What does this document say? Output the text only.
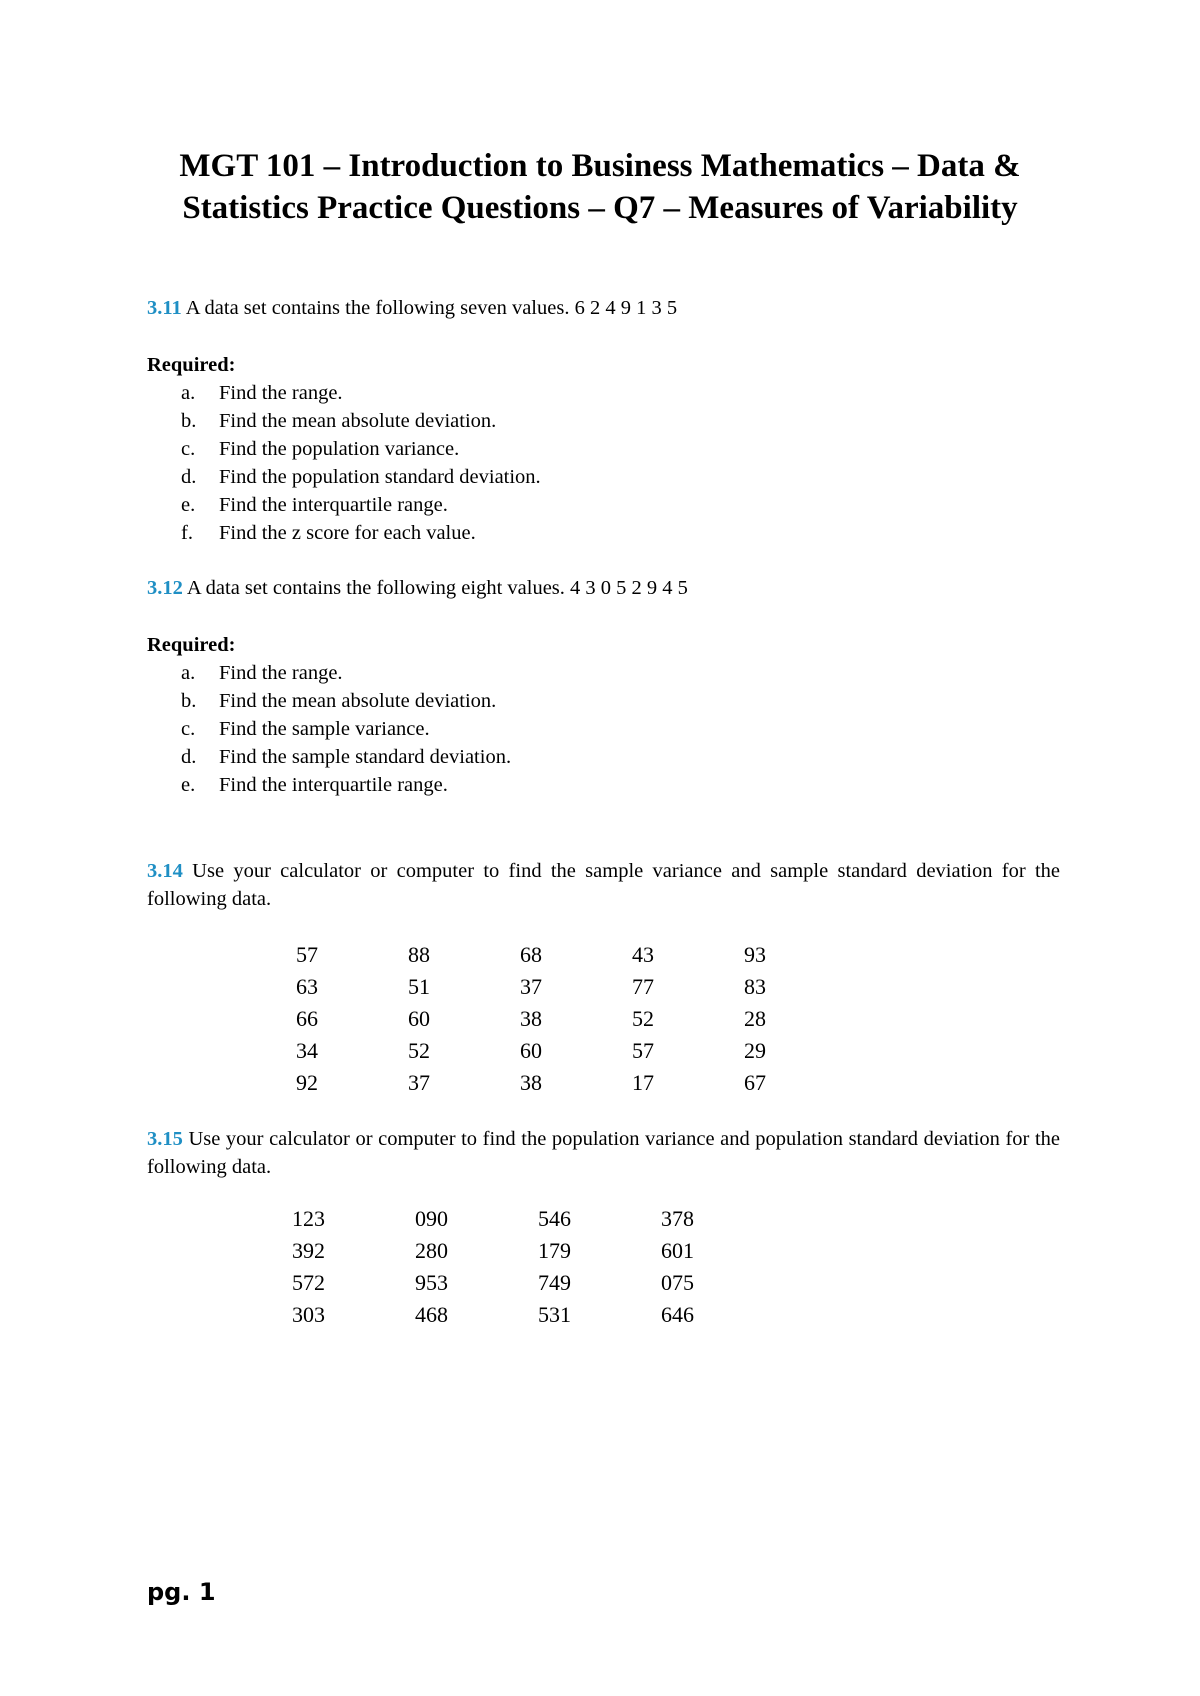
MGT 101 – Introduction to Business Mathematics – Data & Statistics Practice Questions – Q7 – Measures of Variability

3.11 A data set contains the following seven values. 6 2 4 9 1 3 5

Required:

a. Find the range.
b. Find the mean absolute deviation.
c. Find the population variance.
d. Find the population standard deviation.
e. Find the interquartile range.
f. Find the z score for each value.

3.12 A data set contains the following eight values. 4 3 0 5 2 9 4 5

Required:

a. Find the range.
b. Find the mean absolute deviation.
c. Find the sample variance.
d. Find the sample standard deviation.
e. Find the interquartile range.

3.14 Use your calculator or computer to find the sample variance and sample standard deviation for the following data.

57	88	68	43	93
63	51	37	77	83
66	60	38	52	28
34	52	60	57	29
92	37	38	17	67

3.15 Use your calculator or computer to find the population variance and population standard deviation for the following data.

123	090	546	378
392	280	179	601
572	953	749	075
303	468	531	646

pg. 1
